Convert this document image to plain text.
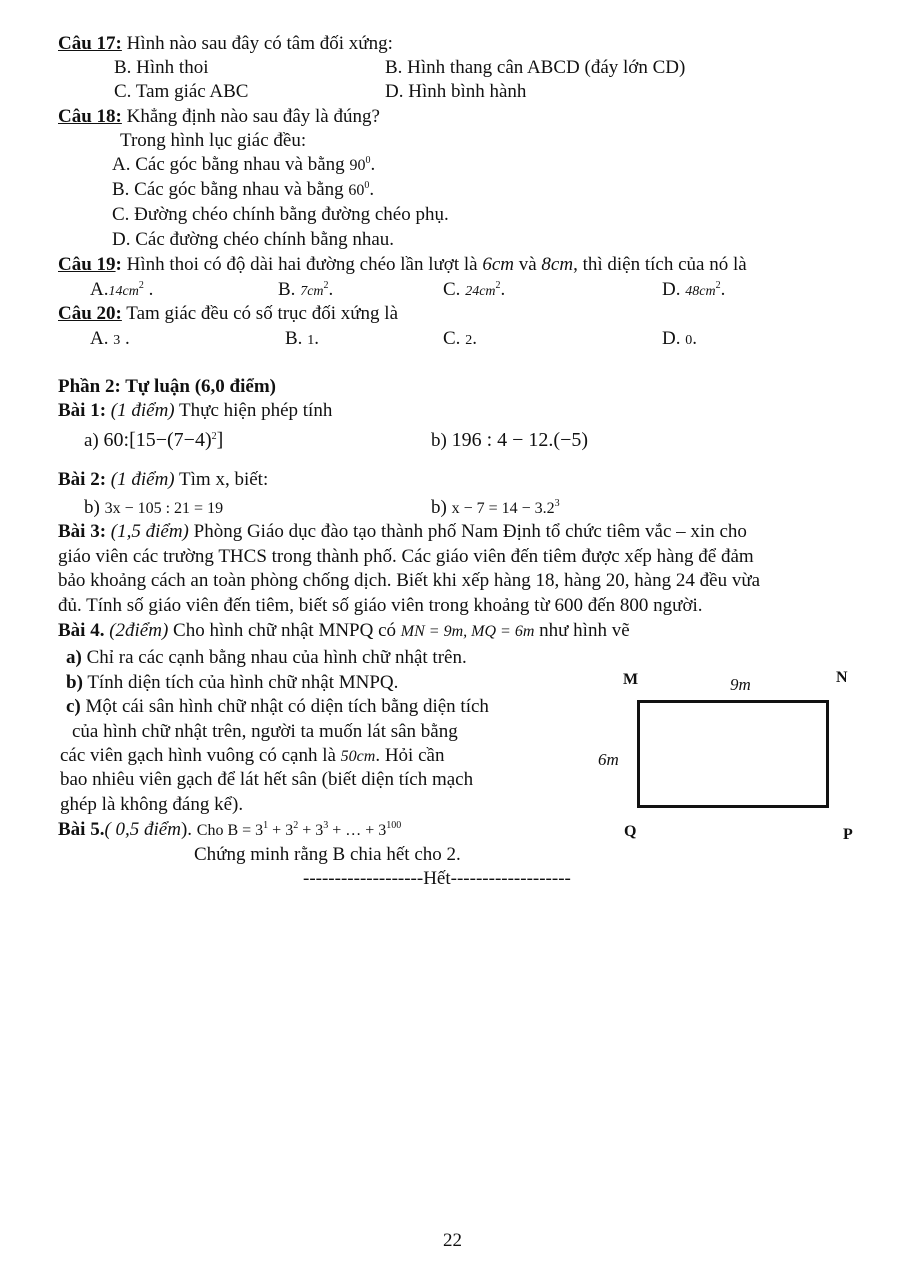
Câu 17: Hình nào sau đây có tâm đối xứng:
B. Hình thoi	B. Hình thang cân ABCD (đáy lớn CD)
C. Tam giác ABC	D. Hình bình hành
Câu 18: Khẳng định nào sau đây là đúng?
Trong hình lục giác đều:
A. Các góc bằng nhau và bằng $90^0$.
B. Các góc bằng nhau và bằng $60^0$.
C. Đường chéo chính bằng đường chéo phụ.
D. Các đường chéo chính bằng nhau.
Câu 19: Hình thoi có độ dài hai đường chéo lần lượt là 6cm và 8cm, thì diện tích của nó là
$A.14cm^2$ .	B. $7cm^2$.	C. $24cm^2$.	D. $48cm^2$.
Câu 20: Tam giác đều có số trục đối xứng là
A. 3 .	B. 1.	C. 2.	D. 0.
Phần 2: Tự luận (6,0 điểm)
Bài 1: (1 điểm) Thực hiện phép tính
a) $60:[15-(7-4)^2]$	b) 196 : 4 − 12.(−5)
Bài 2: (1 điểm) Tìm x, biết:
b) 3x − 105 : 21 = 19	b) $x - 7 = 14 - 3.2^3$
Bài 3: (1,5 điểm) Phòng Giáo dục đào tạo thành phố Nam Định tổ chức tiêm vắc – xin cho
giáo viên các trường THCS trong thành phố. Các giáo viên đến tiêm được xếp hàng để đảm
bảo khoảng cách an toàn phòng chống dịch. Biết khi xếp hàng 18, hàng 20, hàng 24 đều vừa
đủ. Tính số giáo viên đến tiêm, biết số giáo viên trong khoảng từ 600 đến 800 người.
Bài 4. (2điểm) Cho hình chữ nhật MNPQ có MN = 9m, MQ = 6m như hình vẽ
a) Chỉ ra các cạnh bằng nhau của hình chữ nhật trên.
b) Tính diện tích của hình chữ nhật MNPQ.
c) Một cái sân hình chữ nhật có diện tích bằng diện tích
của hình chữ nhật trên, người ta muốn lát sân bằng
các viên gạch hình vuông có cạnh là 50cm. Hỏi cần
bao nhiêu viên gạch để lát hết sân (biết diện tích mạch
ghép là không đáng kể).
M	N
Q	P
9m
6m
Bài 5.( 0,5 điểm). Cho $B = 3^1 + 3^2 + 3^3$ + … + $3^{100}$
Chứng minh rằng B chia hết cho 2.
-------------------Hết-------------------
22
